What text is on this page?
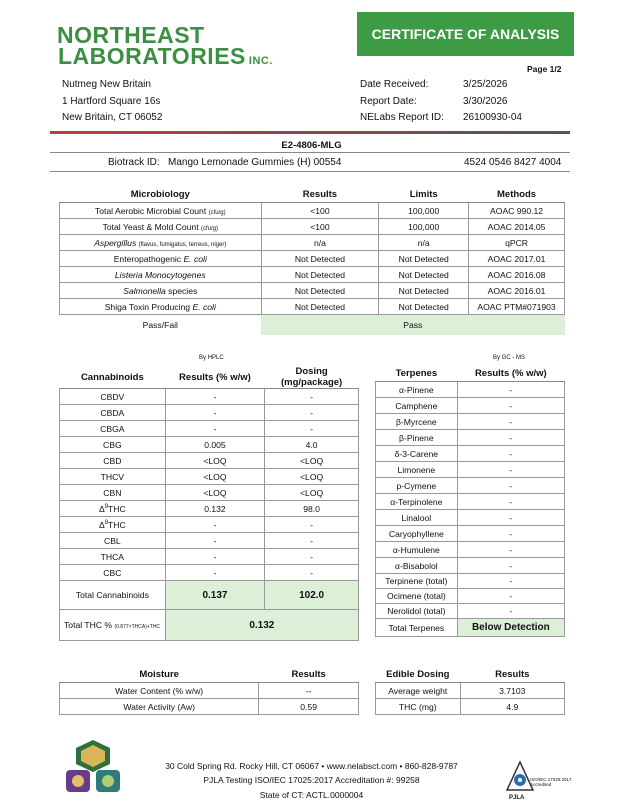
NORTHEAST
LABORATORIES INC.
CERTIFICATE OF ANALYSIS
Page 1/2
Nutmeg New Britain
1 Hartford Square 16s
New Britain, CT 06052
Date Received:	3/25/2026
Report Date:	3/30/2026
NELabs Report ID: 26100930-04
E2-4806-MLG
Biotrack ID: Mango Lemonade Gummies (H) 00554	4524 0546 8427 4004
Microbiology	Results	Limits	Methods
Total Aerobic Microbial Count (cfu/g)	<100	100,000	AOAC 990.12
Total Yeast & Mold Count (cfu/g)	<100	100,000	AOAC 2014.05
Aspergillus (flavus, fumigatus, terreus, niger)	n/a	n/a	qPCR
Enteropathogenic E. coli	Not Detected	Not Detected	AOAC 2017.01
Listeria Monocytogenes	Not Detected	Not Detected	AOAC 2016.08
Salmonella species	Not Detected	Not Detected	AOAC 2016.01
Shiga Toxin Producing E. coli	Not Detected	Not Detected	AOAC PTM#071903
Pass/Fail	Pass		
By HPLC
Cannabinoids	Results (% w/w)	Dosing (mg/package)
CBDV	-	-
CBDA	-	-
CBGA	-	-
CBG	0.005	4.0
CBD	<LOQ	<LOQ
THCV	<LOQ	<LOQ
CBN	<LOQ	<LOQ
$\Delta^9THC$	0.132	98.0
$\Delta^8THC$	-	-
CBL	-	-
THCA	-	-
CBC	-	-
Total Cannabinoids	0.137	102.0
Total THC % (0.877×THCA)+THC	0.132	
By GC - MS
Terpenes	Results (% w/w)
α-Pinene	-
Camphene	-
β-Myrcene	-
β-Pinene	-
δ-3-Carene	-
Limonene	-
p-Cymene	-
α-Terpinolene	-
Linalool	-
Caryophyllene	-
α-Humulene	-
α-Bisabolol	-
Terpinene (total)	-
Ocimene (total)	-
Nerolidol (total)	-
Total Terpenes	Below Detection
Moisture	Results
Water Content (% w/w)	--
Water Activity (Aw)	0.59
Edible Dosing	Results
Average weight	3.7103
THC (mg)	4.9
30 Cold Spring Rd. Rocky Hill, CT 06067 • www.nelabsct.com • 860-828-9787
PJLA Testing ISO/IEC 17025:2017 Accreditation #: 99258
State of CT: ACTL.0000004
ISO/IEC 17025:2017 Accredited
PJLA
